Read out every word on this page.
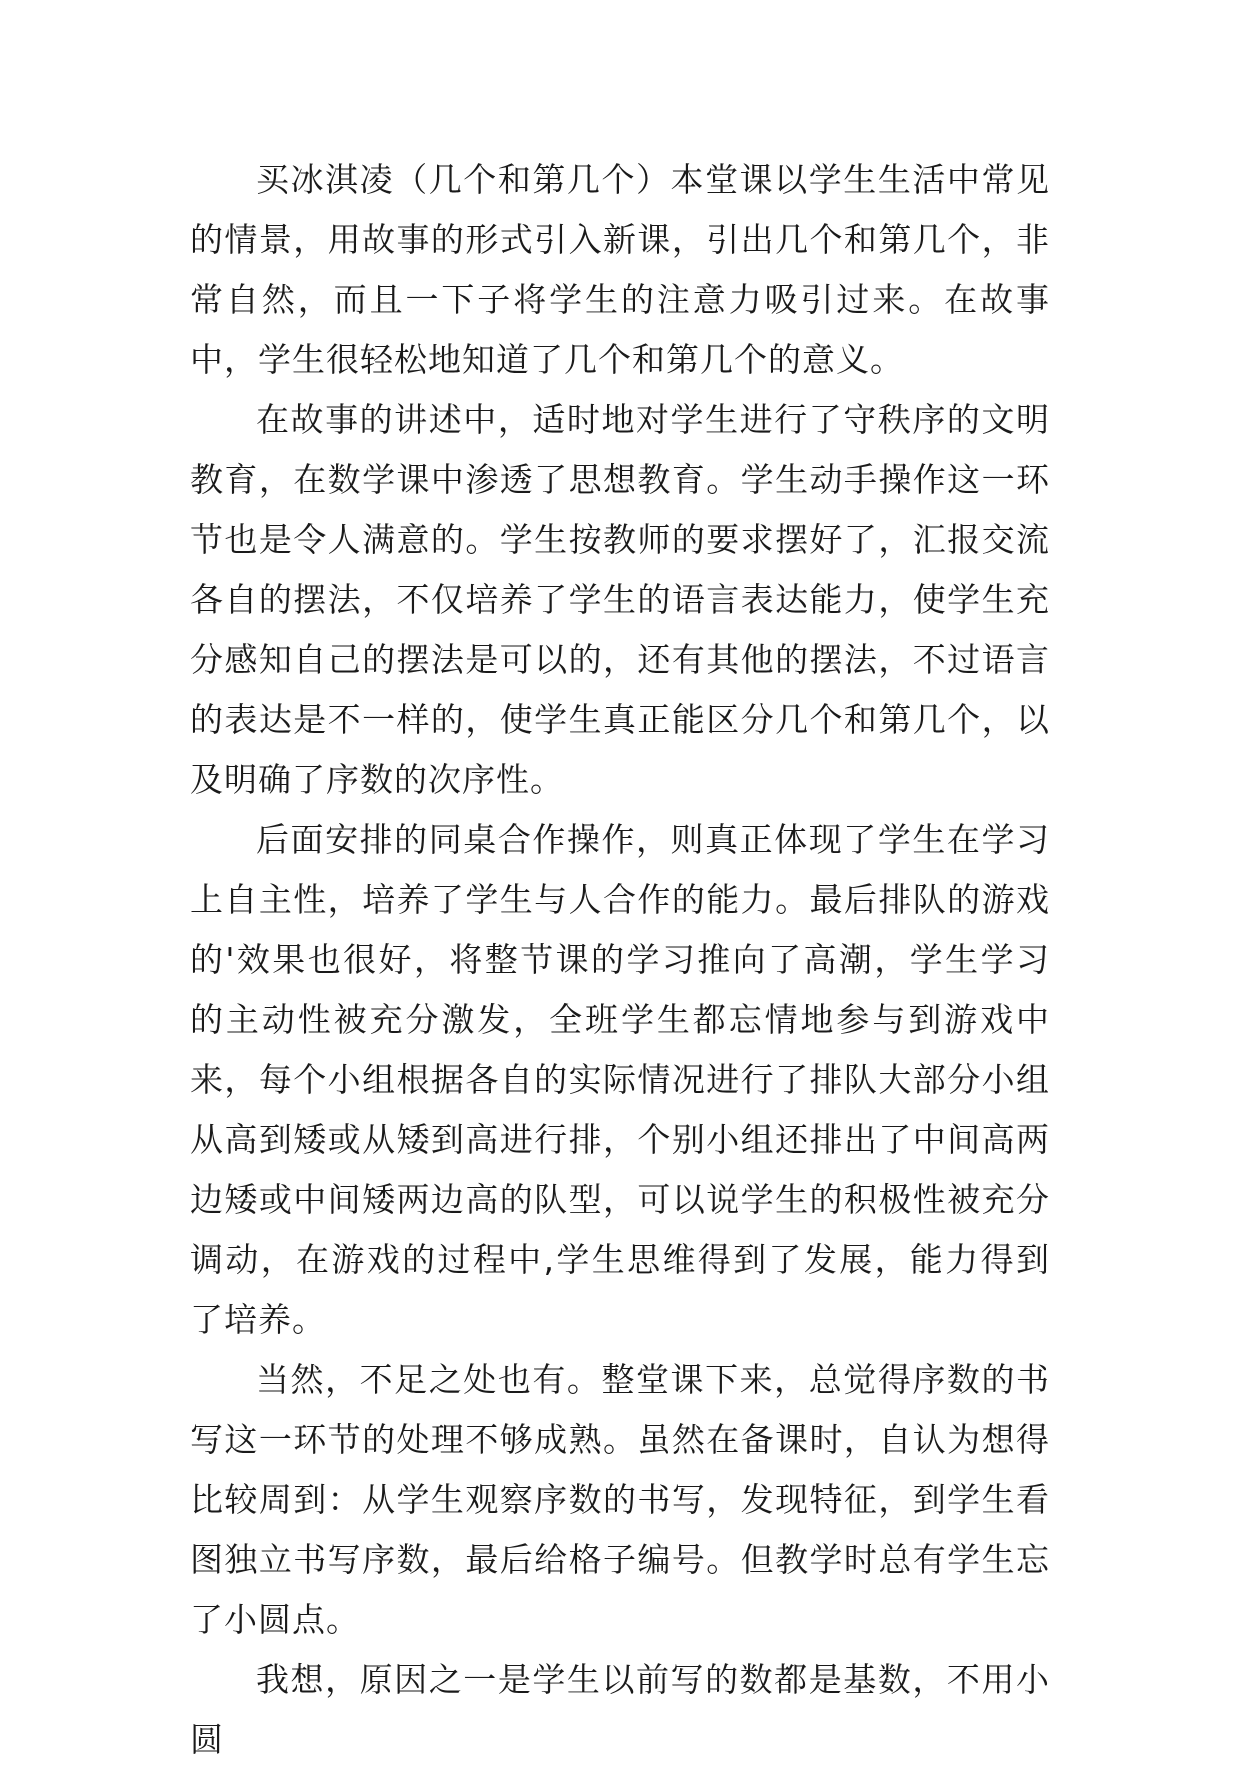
买冰淇凌（几个和第几个）本堂课以学生生活中常见的情景，用故事的形式引入新课，引出几个和第几个，非常自然，而且一下子将学生的注意力吸引过来。在故事中，学生很轻松地知道了几个和第几个的意义。

在故事的讲述中，适时地对学生进行了守秩序的文明教育，在数学课中渗透了思想教育。学生动手操作这一环节也是令人满意的。学生按教师的要求摆好了，汇报交流各自的摆法，不仅培养了学生的语言表达能力，使学生充分感知自己的摆法是可以的，还有其他的摆法，不过语言的表达是不一样的，使学生真正能区分几个和第几个，以及明确了序数的次序性。

后面安排的同桌合作操作，则真正体现了学生在学习上自主性，培养了学生与人合作的能力。最后排队的游戏的'效果也很好，将整节课的学习推向了高潮，学生学习的主动性被充分激发，全班学生都忘情地参与到游戏中来，每个小组根据各自的实际情况进行了排队大部分小组从高到矮或从矮到高进行排，个别小组还排出了中间高两边矮或中间矮两边高的队型，可以说学生的积极性被充分调动，在游戏的过程中,学生思维得到了发展，能力得到了培养。

当然，不足之处也有。整堂课下来，总觉得序数的书写这一环节的处理不够成熟。虽然在备课时，自认为想得比较周到：从学生观察序数的书写，发现特征，到学生看图独立书写序数，最后给格子编号。但教学时总有学生忘了小圆点。

我想，原因之一是学生以前写的数都是基数，不用小圆
